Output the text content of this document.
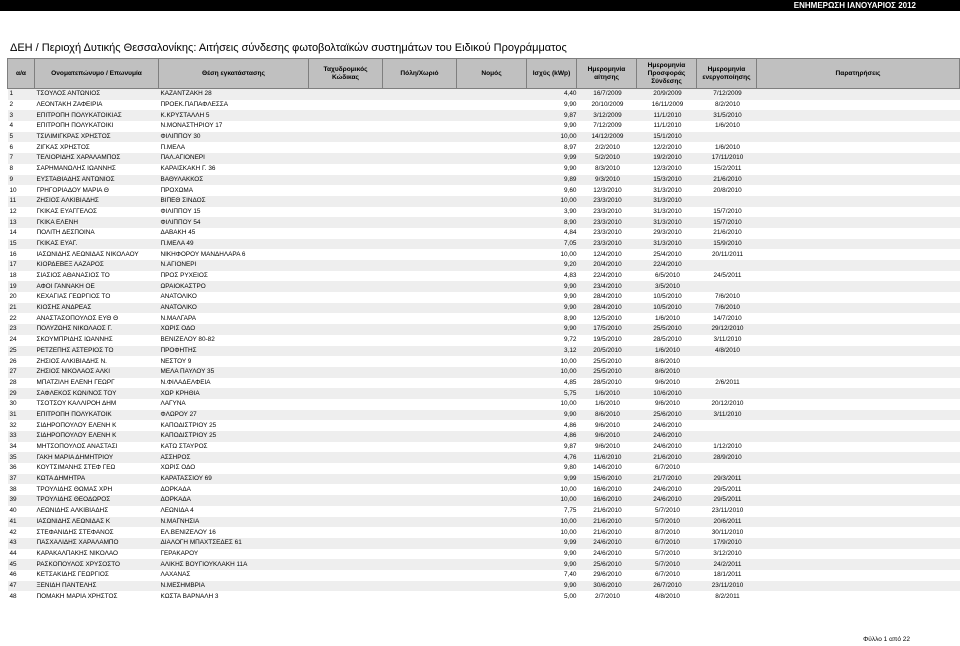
ΕΝΗΜΕΡΩΣΗ ΙΑΝΟΥΑΡΙΟΣ 2012
ΔΕΗ / Περιοχή Δυτικής Θεσσαλονίκης: Αιτήσεις σύνδεσης φωτοβολταϊκών συστημάτων του Ειδικού Προγράμματος
α/α	Ονοματεπώνυμο / Επωνυμία	Θέση εγκατάστασης	Ταχυδρομικός Κώδικας	Πόλη/Χωριό	Νομός	Ισχύς (kWp)	Ημερομηνία αίτησης	Ημερομηνία Προσφοράς Σύνδεσης	Ημερομηνία ενεργοποίησης	Παρατηρήσεις
1	ΤΣΟΥΛΟΣ ΑΝΤΩΝΙΟΣ	ΚΑΖΑΝΤΖΑΚΗ 28				4,40	16/7/2009	20/9/2009	7/12/2009	
2	ΛΕΟΝΤΑΚΗ ΖΑΦΕΙΡΙΑ	ΠΡΟΕΚ.ΠΑΠΑΦΛΕΣΣΑ				9,90	20/10/2009	16/11/2009	8/2/2010	
3	ΕΠΙΤΡΟΠΗ ΠΟΛΥΚΑΤΟΙΚΙΑΣ	Κ.ΚΡΥΣΤΑΛΛΗ 5				9,87	3/12/2009	11/1/2010	31/5/2010	
4	ΕΠΙΤΡΟΠΗ ΠΟΛΥΚΑΤΟΙΚΙ	Ν.ΜΟΝΑΣΤΗΡΙΟΥ 17				9,90	7/12/2009	11/1/2010	1/6/2010	
5	ΤΣΙΛΙΜΙΓΚΡΑΣ ΧΡΗΣΤΟΣ	ΦΙΛΙΠΠΟΥ 30				10,00	14/12/2009	15/1/2010		
6	ΖΙΓΚΑΣ ΧΡΗΣΤΟΣ	Π.ΜΕΛΑ				8,97	2/2/2010	12/2/2010	1/6/2010	
7	ΤΕΛΙΟΡΙΔΗΣ ΧΑΡΑΛΑΜΠΟΣ	ΠΑΛ.ΑΓΙΟΝΕΡΙ				9,99	5/2/2010	19/2/2010	17/11/2010	
8	ΣΑΡΗΜΑΝΩΛΗΣ ΙΩΑΝΝΗΣ	ΚΑΡΑΙΣΚΑΚΗ Γ. 36				9,90	8/3/2010	12/3/2010	15/2/2011	
9	ΕΥΣΤΑΘΙΑΔΗΣ ΑΝΤΩΝΙΟΣ	ΒΑΘΥΛΑΚΚΟΣ				9,89	9/3/2010	15/3/2010	21/6/2010	
10	ΓΡΗΓΟΡΙΑΔΟΥ ΜΑΡΙΑ Θ	ΠΡΟΧΩΜΑ				9,60	12/3/2010	31/3/2010	20/8/2010	
11	ΖΗΣΙΟΣ ΑΛΚΙΒΙΑΔΗΣ	ΒΙΠΕΘ ΣΙΝΔΟΣ				10,00	23/3/2010	31/3/2010		
12	ΓΚΙΚΑΣ ΕΥΑΓΓΕΛΟΣ	ΦΙΛΙΠΠΟΥ 15				3,90	23/3/2010	31/3/2010	15/7/2010	
13	ΓΚΙΚΑ ΕΛΕΝΗ	ΦΙΛΙΠΠΟΥ 54				8,90	23/3/2010	31/3/2010	15/7/2010	
14	ΠΟΛΙΤΗ ΔΕΣΠΟΙΝΑ	ΔΑΒΑΚΗ 45				4,84	23/3/2010	29/3/2010	21/6/2010	
15	ΓΚΙΚΑΣ ΕΥΑΓ.	Π.ΜΕΛΑ 49				7,05	23/3/2010	31/3/2010	15/9/2010	
16	ΙΑΣΩΝΙΔΗΣ ΛΕΩΝΙΔΑΣ ΝΙΚΟΛΑΟΥ	ΝΙΚΗΦΟΡΟΥ ΜΑΝΔΗΛΑΡΑ 6				10,00	12/4/2010	25/4/2010	20/11/2011	
17	ΚΙΟΡΔΕΒΕΞ ΛΑΖΑΡΟΣ	Ν.ΑΓΙΟΝΕΡΙ				9,20	20/4/2010	22/4/2010		
18	ΣΙΑΣΙΟΣ ΑΘΑΝΑΣΙΟΣ ΤΟ	ΠΡΟΣ ΡΥΧΕΙΟΣ				4,83	22/4/2010	6/5/2010	24/5/2011	
19	ΑΦΟΙ ΓΑΝΝΑΚΗ ΟΕ	ΩΡΑΙΟΚΑΣΤΡΟ				9,90	23/4/2010	3/5/2010		
20	ΚΕΧΑΓΙΑΣ ΓΕΩΡΓΙΟΣ ΤΟ	ΑΝΑΤΟΛΙΚΟ				9,90	28/4/2010	10/5/2010	7/6/2010	
21	ΚΙΟΣΗΣ ΑΝΔΡΕΑΣ	ΑΝΑΤΟΛΙΚΟ				9,90	28/4/2010	10/5/2010	7/6/2010	
22	ΑΝΑΣΤΑΣΟΠΟΥΛΟΣ ΕΥΘ Θ	Ν.ΜΑΛΓΑΡΑ				8,90	12/5/2010	1/6/2010	14/7/2010	
23	ΠΟΛΥΖΩΗΣ ΝΙΚΟΛΑΟΣ Γ.	ΧΩΡΙΣ ΟΔΟ				9,90	17/5/2010	25/5/2010	29/12/2010	
24	ΣΚΟΥΜΠΡΙΔΗΣ ΙΩΑΝΝΗΣ	ΒΕΝΙΖΕΛΟΥ 80-82				9,72	19/5/2010	28/5/2010	3/11/2010	
25	ΡΕΤΖΕΠΗΣ ΑΣΤΕΡΙΟΣ ΤΟ	ΠΡΟΦΗΤΗΣ				3,12	20/5/2010	1/6/2010	4/8/2010	
26	ΖΗΣΙΟΣ ΑΛΚΙΒΙΑΔΗΣ Ν.	ΝΕΣΤΟΥ 9				10,00	25/5/2010	8/6/2010		
27	ΖΗΣΙΟΣ ΝΙΚΟΛΑΟΣ ΑΛΚΙ	ΜΕΛΑ ΠΑΥΛΟΥ 35				10,00	25/5/2010	8/6/2010		
28	ΜΠΑΤΖΙΛΗ ΕΛΕΝΗ ΓΕΩΡΓ	Ν.ΦΙΛΑΔΕΛΦΕΙΑ				4,85	28/5/2010	9/6/2010	2/6/2011	
29	ΣΑΦΛΕΚΟΣ ΚΩΝ/ΝΟΣ ΤΟΥ	ΧΩΡ ΚΡΗΘΙΑ				5,75	1/6/2010	10/6/2010		
30	ΤΣΟΤΣΟΥ ΚΑΛΛΙΡΟΗ ΔΗΜ	ΛΑΓΥΝΑ				10,00	1/6/2010	9/6/2010	20/12/2010	
31	ΕΠΙΤΡΟΠΗ ΠΟΛΥΚΑΤΟΙΚ	ΦΛΩΡΟΥ 27				9,90	8/6/2010	25/6/2010	3/11/2010	
32	ΣΙΔΗΡΟΠΟΥΛΟΥ ΕΛΕΝΗ Κ	ΚΑΠΟΔΙΣΤΡΙΟΥ 25				4,86	9/6/2010	24/6/2010		
33	ΣΙΔΗΡΟΠΟΥΛΟΥ ΕΛΕΝΗ Κ	ΚΑΠΟΔΙΣΤΡΙΟΥ 25				4,86	9/6/2010	24/6/2010		
34	ΜΗΤΣΟΠΟΥΛΟΣ ΑΝΑΣΤΑΣΙ	ΚΑΤΩ ΣΤΑΥΡΟΣ				9,87	9/6/2010	24/6/2010	1/12/2010	
35	ΓΑΚΗ ΜΑΡΙΑ ΔΗΜΗΤΡΙΟΥ	ΑΣΣΗΡΟΣ				4,76	11/6/2010	21/6/2010	28/9/2010	
36	ΚΟΥΤΣΙΜΑΝΗΣ ΣΤΕΦ ΓΕΩ	ΧΩΡΙΣ ΟΔΟ				9,80	14/6/2010	6/7/2010		
37	ΚΩΤΑ ΔΗΜΗΤΡΑ	ΚΑΡΑΤΑΣΣΙΟΥ 69				9,99	15/6/2010	21/7/2010	29/3/2011	
38	ΤΡΟΥΛΙΔΗΣ ΘΩΜΑΣ ΧΡΗ	ΔΟΡΚΑΔΑ				10,00	16/6/2010	24/6/2010	29/5/2011	
39	ΤΡΟΥΛΙΔΗΣ ΘΕΟΔΩΡΟΣ	ΔΟΡΚΑΔΑ				10,00	16/6/2010	24/6/2010	29/5/2011	
40	ΛΕΩΝΙΔΗΣ ΑΛΚΙΒΙΑΔΗΣ	ΛΕΩΝΙΔΑ 4				7,75	21/6/2010	5/7/2010	23/11/2010	
41	ΙΑΣΩΝΙΔΗΣ ΛΕΩΝΙΔΑΣ Κ	Ν.ΜΑΓΝΗΣΙΑ				10,00	21/6/2010	5/7/2010	20/6/2011	
42	ΣΤΕΦΑΝΙΔΗΣ ΣΤΕΦΑΝΟΣ	ΕΛ.ΒΕΝΙΖΕΛΟΥ 16				10,00	21/6/2010	8/7/2010	30/11/2010	
43	ΠΑΣΧΑΛΙΔΗΣ ΧΑΡΑΛΑΜΠΟ	ΔΙΑΛΟΓΗ ΜΠΑΧΤΣΕΔΕΣ 61				9,99	24/6/2010	6/7/2010	17/9/2010	
44	ΚΑΡΑΚΑΛΠΑΚΗΣ ΝΙΚΟΛΑΟ	ΓΕΡΑΚΑΡΟΥ				9,90	24/6/2010	5/7/2010	3/12/2010	
45	ΡΑΣΚΟΠΟΥΛΟΣ ΧΡΥΣΟΣΤΟ	ΑΛΙΚΗΣ ΒΟΥΓΙΟΥΚΛΑΚΗ 11Α				9,90	25/6/2010	5/7/2010	24/2/2011	
46	ΚΕΤΣΑΚΙΔΗΣ ΓΕΩΡΓΙΟΣ	ΛΑΧΑΝΑΣ				7,40	29/6/2010	6/7/2010	18/1/2011	
47	ΞΕΝΙΔΗ ΠΑΝΤΕΛΗΣ	Ν.ΜΕΣΗΜΒΡΙΑ				9,90	30/6/2010	26/7/2010	23/11/2010	
48	ΠΟΜΑΚΗ ΜΑΡΙΑ ΧΡΗΣΤΟΣ	ΚΩΣΤΑ ΒΑΡΝΑΛΗ 3				5,00	2/7/2010	4/8/2010	8/2/2011	
Φύλλο 1 από 22
